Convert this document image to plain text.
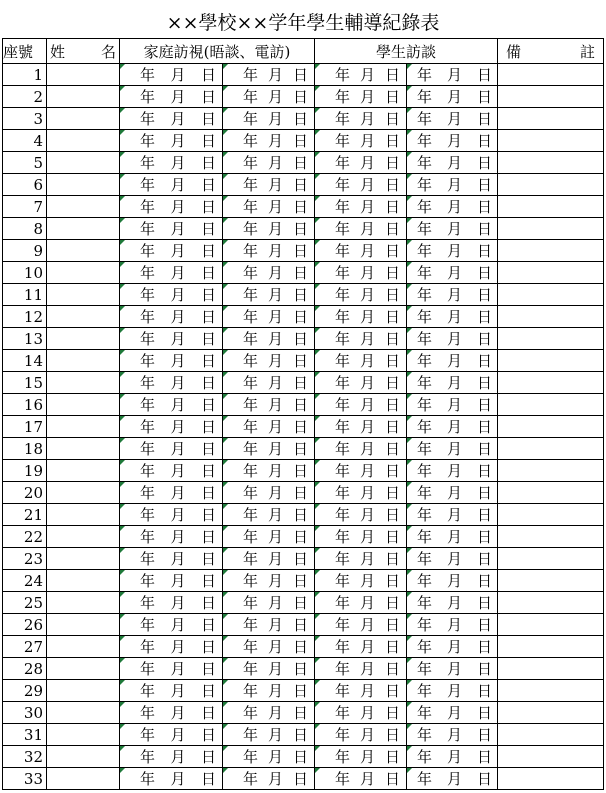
××學校××学年學生輔導紀錄表
座號	姓 名	家庭訪視(晤談、電訪)		學生訪談		備 註

1		年 月 日	年 月 日	年 月 日	年 月 日	

2		年 月 日	年 月 日	年 月 日	年 月 日	

3		年 月 日	年 月 日	年 月 日	年 月 日	

4		年 月 日	年 月 日	年 月 日	年 月 日	

5		年 月 日	年 月 日	年 月 日	年 月 日	

6		年 月 日	年 月 日	年 月 日	年 月 日	

7		年 月 日	年 月 日	年 月 日	年 月 日	

8		年 月 日	年 月 日	年 月 日	年 月 日	

9		年 月 日	年 月 日	年 月 日	年 月 日	

10		年 月 日	年 月 日	年 月 日	年 月 日	

11		年 月 日	年 月 日	年 月 日	年 月 日	

12		年 月 日	年 月 日	年 月 日	年 月 日	

13		年 月 日	年 月 日	年 月 日	年 月 日	

14		年 月 日	年 月 日	年 月 日	年 月 日	

15		年 月 日	年 月 日	年 月 日	年 月 日	

16		年 月 日	年 月 日	年 月 日	年 月 日	

17		年 月 日	年 月 日	年 月 日	年 月 日	

18		年 月 日	年 月 日	年 月 日	年 月 日	

19		年 月 日	年 月 日	年 月 日	年 月 日	

20		年 月 日	年 月 日	年 月 日	年 月 日	

21		年 月 日	年 月 日	年 月 日	年 月 日	

22		年 月 日	年 月 日	年 月 日	年 月 日	

23		年 月 日	年 月 日	年 月 日	年 月 日	

24		年 月 日	年 月 日	年 月 日	年 月 日	

25		年 月 日	年 月 日	年 月 日	年 月 日	

26		年 月 日	年 月 日	年 月 日	年 月 日	

27		年 月 日	年 月 日	年 月 日	年 月 日	

28		年 月 日	年 月 日	年 月 日	年 月 日	

29		年 月 日	年 月 日	年 月 日	年 月 日	

30		年 月 日	年 月 日	年 月 日	年 月 日	

31		年 月 日	年 月 日	年 月 日	年 月 日	

32		年 月 日	年 月 日	年 月 日	年 月 日	

33		年 月 日	年 月 日	年 月 日	年 月 日	
